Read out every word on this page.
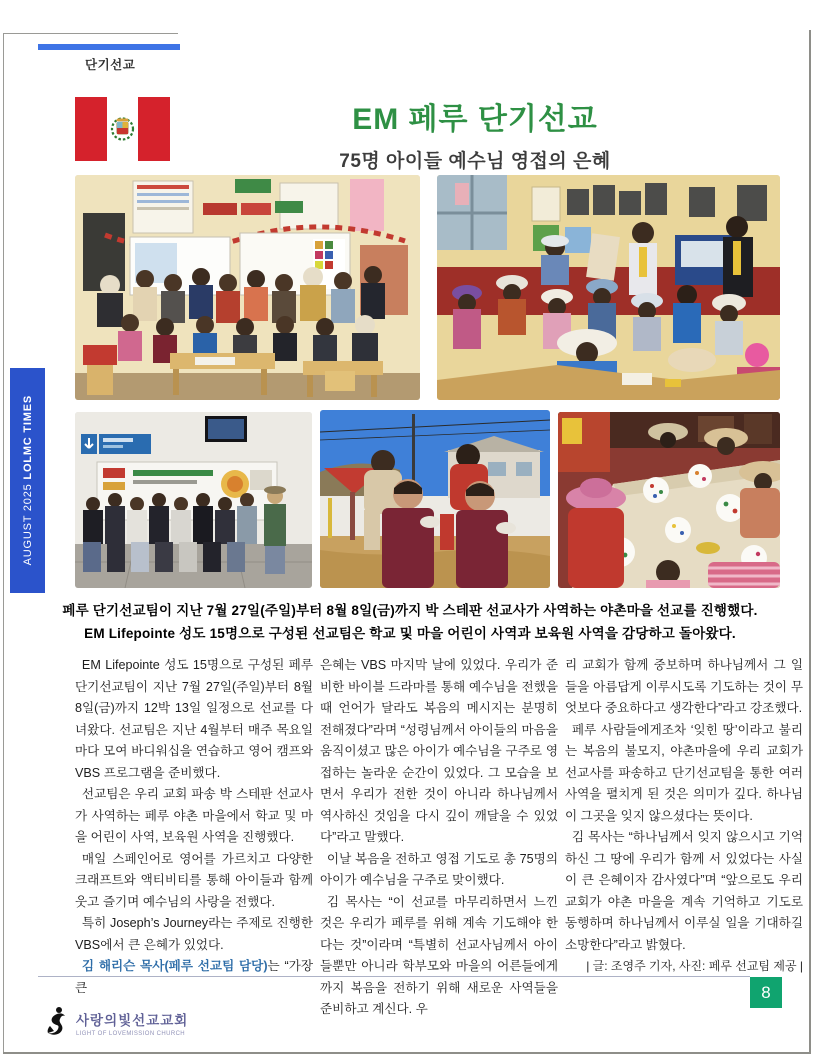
단기선교
EM 페루 단기선교
75명 아이들 예수님 영접의 은혜
AUGUST 2025 LOLMC TIMES
페루 단기선교팀이 지난 7월 27일(주일)부터 8월 8일(금)까지 박 스테판 선교사가 사역하는 야촌마을 선교를 진행했다.
EM Lifepointe 성도 15명으로 구성된 선교팀은 학교 및 마을 어린이 사역과 보육원 사역을 감당하고 돌아왔다.

EM Lifepointe 성도 15명으로 구성된 페루 단기선교팀이 지난 7월 27일(주일)부터 8월 8일(금)까지 12박 13일 일정으로 선교를 다녀왔다. 선교팀은 지난 4월부터 매주 목요일마다 모여 바디워십을 연습하고 영어 캠프와 VBS 프로그램을 준비했다.

선교팀은 우리 교회 파송 박 스테판 선교사가 사역하는 페루 야촌 마을에서 학교 및 마을 어린이 사역, 보육원 사역을 진행했다.

매일 스페인어로 영어를 가르치고 다양한 크래프트와 액티비티를 통해 아이들과 함께 웃고 즐기며 예수님의 사랑을 전했다.

특히 Joseph’s Journey라는 주제로 진행한 VBS에서 큰 은혜가 있었다.

김 해리슨 목사(페루 선교팀 담당)는 “가장 큰

은혜는 VBS 마지막 날에 있었다. 우리가 준비한 바이블 드라마를 통해 예수님을 전했을 때 언어가 달라도 복음의 메시지는 분명히 전해졌다”라며 “성령님께서 아이들의 마음을 움직이셨고 많은 아이가 예수님을 구주로 영접하는 놀라운 순간이 있었다. 그 모습을 보면서 우리가 전한 것이 아니라 하나님께서 역사하신 것임을 다시 깊이 깨달을 수 있었다”라고 말했다.

이날 복음을 전하고 영접 기도로 총 75명의 아이가 예수님을 구주로 맞이했다.

김 목사는 “이 선교를 마무리하면서 느낀 것은 우리가 페루를 위해 계속 기도해야 한다는 것”이라며 “특별히 선교사님께서 아이들뿐만 아니라 학부모와 마을의 어른들에게까지 복음을 전하기 위해 새로운 사역들을 준비하고 계신다. 우

리 교회가 함께 중보하며 하나님께서 그 일들을 아름답게 이루시도록 기도하는 것이 무엇보다 중요하다고 생각한다”라고 강조했다.

페루 사람들에게조차 ‘잊힌 땅’이라고 불리는 복음의 불모지, 야촌마을에 우리 교회가 선교사를 파송하고 단기선교팀을 통한 여러 사역을 펼치게 된 것은 의미가 깊다. 하나님이 그곳을 잊지 않으셨다는 뜻이다.

김 목사는 “하나님께서 잊지 않으시고 기억하신 그 땅에 우리가 함께 서 있었다는 사실이 큰 은혜이자 감사였다”며 “앞으로도 우리 교회가 야촌 마을을 계속 기억하고 기도로 동행하며 하나님께서 이루실 일을 기대하길 소망한다”라고 밝혔다.

| 글: 조영주 기자, 사진: 페루 선교팀 제공 |

사랑의빛선교교회
LIGHT OF LOVEMISSION CHURCH
8
